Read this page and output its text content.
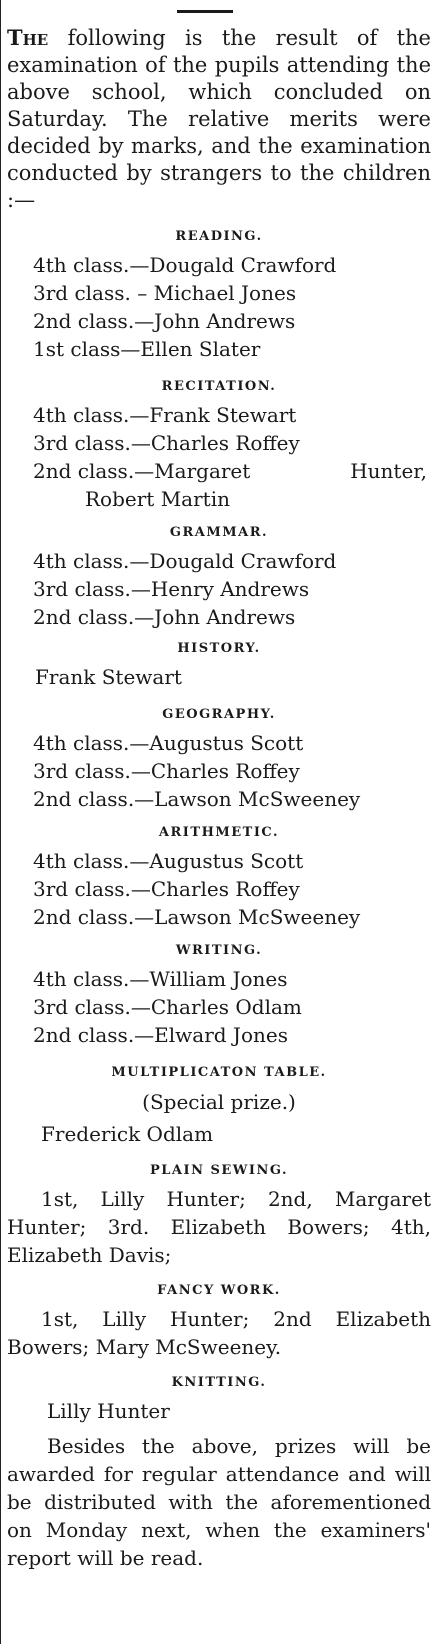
The following is the result of the examination of the pupils attending the above school, which concluded on Saturday. The relative merits were decided by marks, and the examination conducted by strangers to the children :—

READING.
4th class.—Dougald Crawford
3rd class. – Michael Jones
2nd class.—John Andrews
1st class—Ellen Slater
RECITATION.
4th class.—Frank Stewart
3rd class.—Charles Roffey
2nd class.—Margaret	Hunter,
Robert Martin
GRAMMAR.
4th class.—Dougald Crawford
3rd class.—Henry Andrews
2nd class.—John Andrews
HISTORY.
Frank Stewart
GEOGRAPHY.
4th class.—Augustus Scott
3rd class.—Charles Roffey
2nd class.—Lawson McSweeney
ARITHMETIC.
4th class.—Augustus Scott
3rd class.—Charles Roffey
2nd class.—Lawson McSweeney
WRITING.
4th class.—William Jones
3rd class.—Charles Odlam
2nd class.—Elward Jones
MULTIPLICATON TABLE.
(Special prize.)
Frederick Odlam
PLAIN SEWING.

1st, Lilly Hunter; 2nd, Margaret Hunter; 3rd. Elizabeth Bowers; 4th, Elizabeth Davis;

FANCY WORK.

1st, Lilly Hunter; 2nd Elizabeth Bowers; Mary McSweeney.

KNITTING.
Lilly Hunter

Besides the above, prizes will be awarded for regular attendance and will be distributed with the aforementioned on Monday next, when the examiners' report will be read.
